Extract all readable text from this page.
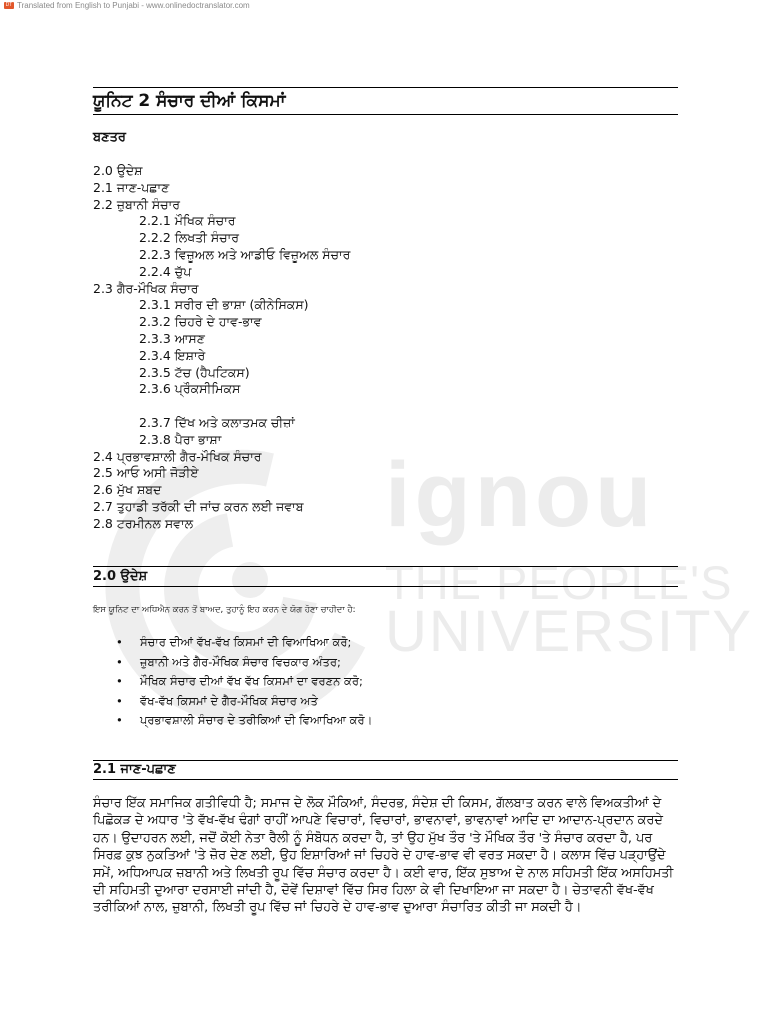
DT Translated from English to Punjabi - www.onlinedoctranslator.com
ignou
THE PEOPLE'S
UNIVERSITY
ਯੂਨਿਟ 2 ਸੰਚਾਰ ਦੀਆਂ ਕਿਸਮਾਂ
ਬਣਤਰ
2.0 ਉਦੇਸ਼
2.1 ਜਾਣ-ਪਛਾਣ
2.2 ਜ਼ੁਬਾਨੀ ਸੰਚਾਰ
2.2.1 ਮੌਖਿਕ ਸੰਚਾਰ
2.2.2 ਲਿਖਤੀ ਸੰਚਾਰ
2.2.3 ਵਿਜ਼ੂਅਲ ਅਤੇ ਆਡੀਓ ਵਿਜ਼ੂਅਲ ਸੰਚਾਰ
2.2.4 ਚੁੱਪ
2.3 ਗੈਰ-ਮੌਖਿਕ ਸੰਚਾਰ
2.3.1 ਸਰੀਰ ਦੀ ਭਾਸ਼ਾ (ਕੀਨੇਸਿਕਸ)
2.3.2 ਚਿਹਰੇ ਦੇ ਹਾਵ-ਭਾਵ
2.3.3 ਆਸਣ
2.3.4 ਇਸ਼ਾਰੇ
2.3.5 ਟੱਚ (ਹੈਪਟਿਕਸ)
2.3.6 ਪ੍ਰੌਕਸੀਮਿਕਸ
2.3.7 ਦਿੱਖ ਅਤੇ ਕਲਾਤਮਕ ਚੀਜ਼ਾਂ
2.3.8 ਪੈਰਾ ਭਾਸ਼ਾ
2.4 ਪ੍ਰਭਾਵਸ਼ਾਲੀ ਗੈਰ-ਮੌਖਿਕ ਸੰਚਾਰ
2.5 ਆਓ ਅਸੀ ਜੋੜੀਏ
2.6 ਮੁੱਖ ਸ਼ਬਦ
2.7 ਤੁਹਾਡੀ ਤਰੱਕੀ ਦੀ ਜਾਂਚ ਕਰਨ ਲਈ ਜਵਾਬ
2.8 ਟਰਮੀਨਲ ਸਵਾਲ
2.0 ਉਦੇਸ਼
ਇਸ ਯੂਨਿਟ ਦਾ ਅਧਿਐਨ ਕਰਨ ਤੋਂ ਬਾਅਦ, ਤੁਹਾਨੂੰ ਇਹ ਕਰਨ ਦੇ ਯੋਗ ਹੋਣਾ ਚਾਹੀਦਾ ਹੈ:
•	ਸੰਚਾਰ ਦੀਆਂ ਵੱਖ-ਵੱਖ ਕਿਸਮਾਂ ਦੀ ਵਿਆਖਿਆ ਕਰੋ;
•	ਜ਼ੁਬਾਨੀ ਅਤੇ ਗੈਰ-ਮੌਖਿਕ ਸੰਚਾਰ ਵਿਚਕਾਰ ਅੰਤਰ;
•	ਮੌਖਿਕ ਸੰਚਾਰ ਦੀਆਂ ਵੱਖ ਵੱਖ ਕਿਸਮਾਂ ਦਾ ਵਰਣਨ ਕਰੋ;
•	ਵੱਖ-ਵੱਖ ਕਿਸਮਾਂ ਦੇ ਗੈਰ-ਮੌਖਿਕ ਸੰਚਾਰ ਅਤੇ
•	ਪ੍ਰਭਾਵਸ਼ਾਲੀ ਸੰਚਾਰ ਦੇ ਤਰੀਕਿਆਂ ਦੀ ਵਿਆਖਿਆ ਕਰੋ।
2.1 ਜਾਣ-ਪਛਾਣ

ਸੰਚਾਰ ਇੱਕ ਸਮਾਜਿਕ ਗਤੀਵਿਧੀ ਹੈ; ਸਮਾਜ ਦੇ ਲੋਕ ਮੌਕਿਆਂ, ਸੰਦਰਭ, ਸੰਦੇਸ਼ ਦੀ ਕਿਸਮ, ਗੱਲਬਾਤ ਕਰਨ ਵਾਲੇ ਵਿਅਕਤੀਆਂ ਦੇ ਪਿਛੋਕੜ ਦੇ ਅਧਾਰ 'ਤੇ ਵੱਖ-ਵੱਖ ਢੰਗਾਂ ਰਾਹੀਂ ਆਪਣੇ ਵਿਚਾਰਾਂ, ਵਿਚਾਰਾਂ, ਭਾਵਨਾਵਾਂ, ਭਾਵਨਾਵਾਂ ਆਦਿ ਦਾ ਆਦਾਨ-ਪ੍ਰਦਾਨ ਕਰਦੇ ਹਨ। ਉਦਾਹਰਨ ਲਈ, ਜਦੋਂ ਕੋਈ ਨੇਤਾ ਰੈਲੀ ਨੂੰ ਸੰਬੋਧਨ ਕਰਦਾ ਹੈ, ਤਾਂ ਉਹ ਮੁੱਖ ਤੌਰ 'ਤੇ ਮੌਖਿਕ ਤੌਰ 'ਤੇ ਸੰਚਾਰ ਕਰਦਾ ਹੈ, ਪਰ ਸਿਰਫ਼ ਕੁਝ ਨੁਕਤਿਆਂ 'ਤੇ ਜ਼ੋਰ ਦੇਣ ਲਈ, ਉਹ ਇਸ਼ਾਰਿਆਂ ਜਾਂ ਚਿਹਰੇ ਦੇ ਹਾਵ-ਭਾਵ ਵੀ ਵਰਤ ਸਕਦਾ ਹੈ। ਕਲਾਸ ਵਿੱਚ ਪੜ੍ਹਾਉਂਦੇ ਸਮੇਂ, ਅਧਿਆਪਕ ਜ਼ਬਾਨੀ ਅਤੇ ਲਿਖਤੀ ਰੂਪ ਵਿੱਚ ਸੰਚਾਰ ਕਰਦਾ ਹੈ। ਕਈ ਵਾਰ, ਇੱਕ ਸੁਝਾਅ ਦੇ ਨਾਲ ਸਹਿਮਤੀ ਇੱਕ ਅਸਹਿਮਤੀ ਦੀ ਸਹਿਮਤੀ ਦੁਆਰਾ ਦਰਸਾਈ ਜਾਂਦੀ ਹੈ, ਦੋਵੇਂ ਦਿਸ਼ਾਵਾਂ ਵਿੱਚ ਸਿਰ ਹਿਲਾ ਕੇ ਵੀ ਦਿਖਾਇਆ ਜਾ ਸਕਦਾ ਹੈ। ਚੇਤਾਵਨੀ ਵੱਖ-ਵੱਖ ਤਰੀਕਿਆਂ ਨਾਲ, ਜ਼ੁਬਾਨੀ, ਲਿਖਤੀ ਰੂਪ ਵਿੱਚ ਜਾਂ ਚਿਹਰੇ ਦੇ ਹਾਵ-ਭਾਵ ਦੁਆਰਾ ਸੰਚਾਰਿਤ ਕੀਤੀ ਜਾ ਸਕਦੀ ਹੈ।
